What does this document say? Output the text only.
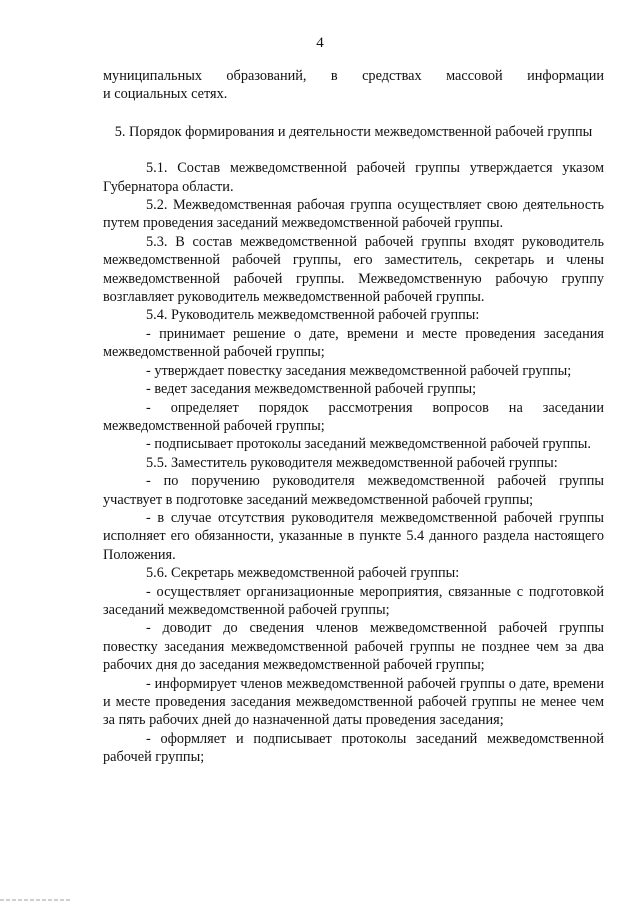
4

муниципальных образований, в средствах массовой информации

и социальных сетях.

5. Порядок формирования и деятельности межведомственной рабочей группы

5.1. Состав межведомственной рабочей группы утверждается указом Губернатора области.

5.2. Межведомственная рабочая группа осуществляет свою деятельность путем проведения заседаний межведомственной рабочей группы.

5.3. В состав межведомственной рабочей группы входят руководитель межведомственной рабочей группы, его заместитель, секретарь и члены межведомственной рабочей группы. Межведомственную рабочую группу возглавляет руководитель межведомственной рабочей группы.

5.4. Руководитель межведомственной рабочей группы:

- принимает решение о дате, времени и месте проведения заседания межведомственной рабочей группы;

- утверждает повестку заседания межведомственной рабочей группы;

- ведет заседания межведомственной рабочей группы;

- определяет порядок рассмотрения вопросов на заседании межведомственной рабочей группы;

- подписывает протоколы заседаний межведомственной рабочей группы.

5.5. Заместитель руководителя межведомственной рабочей группы:

- по поручению руководителя межведомственной рабочей группы участвует в подготовке заседаний межведомственной рабочей группы;

- в случае отсутствия руководителя межведомственной рабочей группы исполняет его обязанности, указанные в пункте 5.4 данного раздела настоящего Положения.

5.6. Секретарь межведомственной рабочей группы:

- осуществляет организационные мероприятия, связанные с подготовкой заседаний межведомственной рабочей группы;

- доводит до сведения членов межведомственной рабочей группы повестку заседания межведомственной рабочей группы не позднее чем за два рабочих дня до заседания межведомственной рабочей группы;

- информирует членов межведомственной рабочей группы о дате, времени и месте проведения заседания межведомственной рабочей группы не менее чем за пять рабочих дней до назначенной даты проведения заседания;

- оформляет и подписывает протоколы заседаний межведомственной рабочей группы;
